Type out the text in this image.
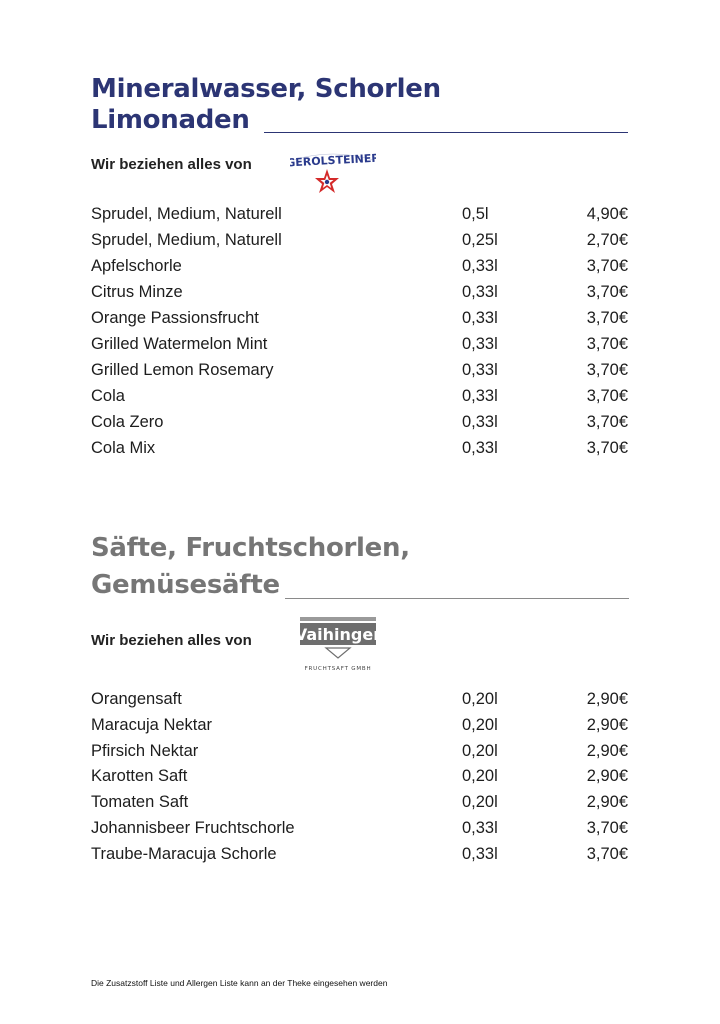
Mineralwasser, Schorlen
Limonaden
Wir beziehen alles von	GEROLSTEINER
Sprudel, Medium, Naturell	0,5l	4,90€
Sprudel, Medium, Naturell	0,25l	2,70€
Apfelschorle	0,33l	3,70€
Citrus Minze	0,33l	3,70€
Orange Passionsfrucht	0,33l	3,70€
Grilled Watermelon Mint	0,33l	3,70€
Grilled Lemon Rosemary	0,33l	3,70€
Cola	0,33l	3,70€
Cola Zero	0,33l	3,70€
Cola Mix	0,33l	3,70€
Säfte, Fruchtschorlen,
Gemüsesäfte
Wir beziehen alles von	Vaihinger
FRUCHTSAFT GMBH
Orangensaft	0,20l	2,90€
Maracuja Nektar	0,20l	2,90€
Pfirsich Nektar	0,20l	2,90€
Karotten Saft	0,20l	2,90€
Tomaten Saft	0,20l	2,90€
Johannisbeer Fruchtschorle	0,33l	3,70€
Traube-Maracuja Schorle	0,33l	3,70€
Die Zusatzstoff Liste und Allergen Liste kann an der Theke eingesehen werden
